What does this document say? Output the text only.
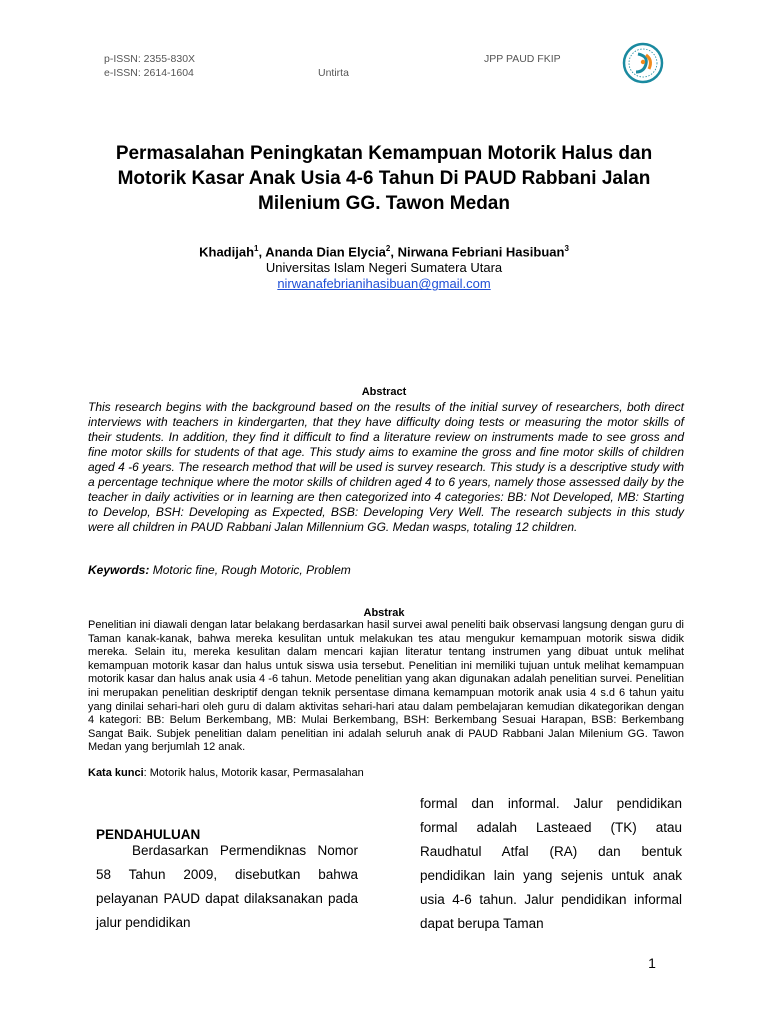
p-ISSN: 2355-830X
e-ISSN: 2614-1604	Untirta
JPP PAUD FKIP
Permasalahan Peningkatan Kemampuan Motorik Halus dan Motorik Kasar Anak Usia 4-6 Tahun Di PAUD Rabbani Jalan Milenium GG. Tawon Medan
Khadijah$^1$, Ananda Dian Elycia$^2$, Nirwana Febriani Hasibuan$^3$
Universitas Islam Negeri Sumatera Utara
nirwanafebrianihasibuan@gmail.com
Abstract
This research begins with the background based on the results of the initial survey of researchers, both direct interviews with teachers in kindergarten, that they have difficulty doing tests or measuring the motor skills of their students. In addition, they find it difficult to find a literature review on instruments made to see gross and fine motor skills for students of that age. This study aims to examine the gross and fine motor skills of children aged 4 -6 years. The research method that will be used is survey research. This study is a descriptive study with a percentage technique where the motor skills of children aged 4 to 6 years, namely those assessed daily by the teacher in daily activities or in learning are then categorized into 4 categories: BB: Not Developed, MB: Starting to Develop, BSH: Developing as Expected, BSB: Developing Very Well. The research subjects in this study were all children in PAUD Rabbani Jalan Millennium GG. Medan wasps, totaling 12 children.
Keywords: Motoric fine, Rough Motoric, Problem
Abstrak
Penelitian ini diawali dengan latar belakang berdasarkan hasil survei awal peneliti baik observasi langsung dengan guru di Taman kanak-kanak, bahwa mereka kesulitan untuk melakukan tes atau mengukur kemampuan motorik siswa didik mereka. Selain itu, mereka kesulitan dalam mencari kajian literatur tentang instrumen yang dibuat untuk melihat kemampuan motorik kasar dan halus untuk siswa usia tersebut. Penelitian ini memiliki tujuan untuk melihat kemampuan motorik kasar dan halus anak usia 4 -6 tahun. Metode penelitian yang akan digunakan adalah penelitian survei. Penelitian ini merupakan penelitian deskriptif dengan teknik persentase dimana kemampuan motorik anak usia 4 s.d 6 tahun yaitu yang dinilai sehari-hari oleh guru di dalam aktivitas sehari-hari atau dalam pembelajaran kemudian dikategorikan dengan 4 kategori: BB: Belum Berkembang, MB: Mulai Berkembang, BSH: Berkembang Sesuai Harapan, BSB: Berkembang Sangat Baik. Subjek penelitian dalam penelitian ini adalah seluruh anak di PAUD Rabbani Jalan Milenium GG. Tawon Medan yang berjumlah 12 anak.
Kata kunci: Motorik halus, Motorik kasar, Permasalahan
PENDAHULUAN
Berdasarkan Permendiknas Nomor 58 Tahun 2009, disebutkan bahwa pelayanan PAUD dapat dilaksanakan pada jalur pendidikan
formal dan informal. Jalur pendidikan formal adalah Lasteaed (TK) atau Raudhatul Atfal (RA) dan bentuk pendidikan lain yang sejenis untuk anak usia 4-6 tahun. Jalur pendidikan informal dapat berupa Taman
1
